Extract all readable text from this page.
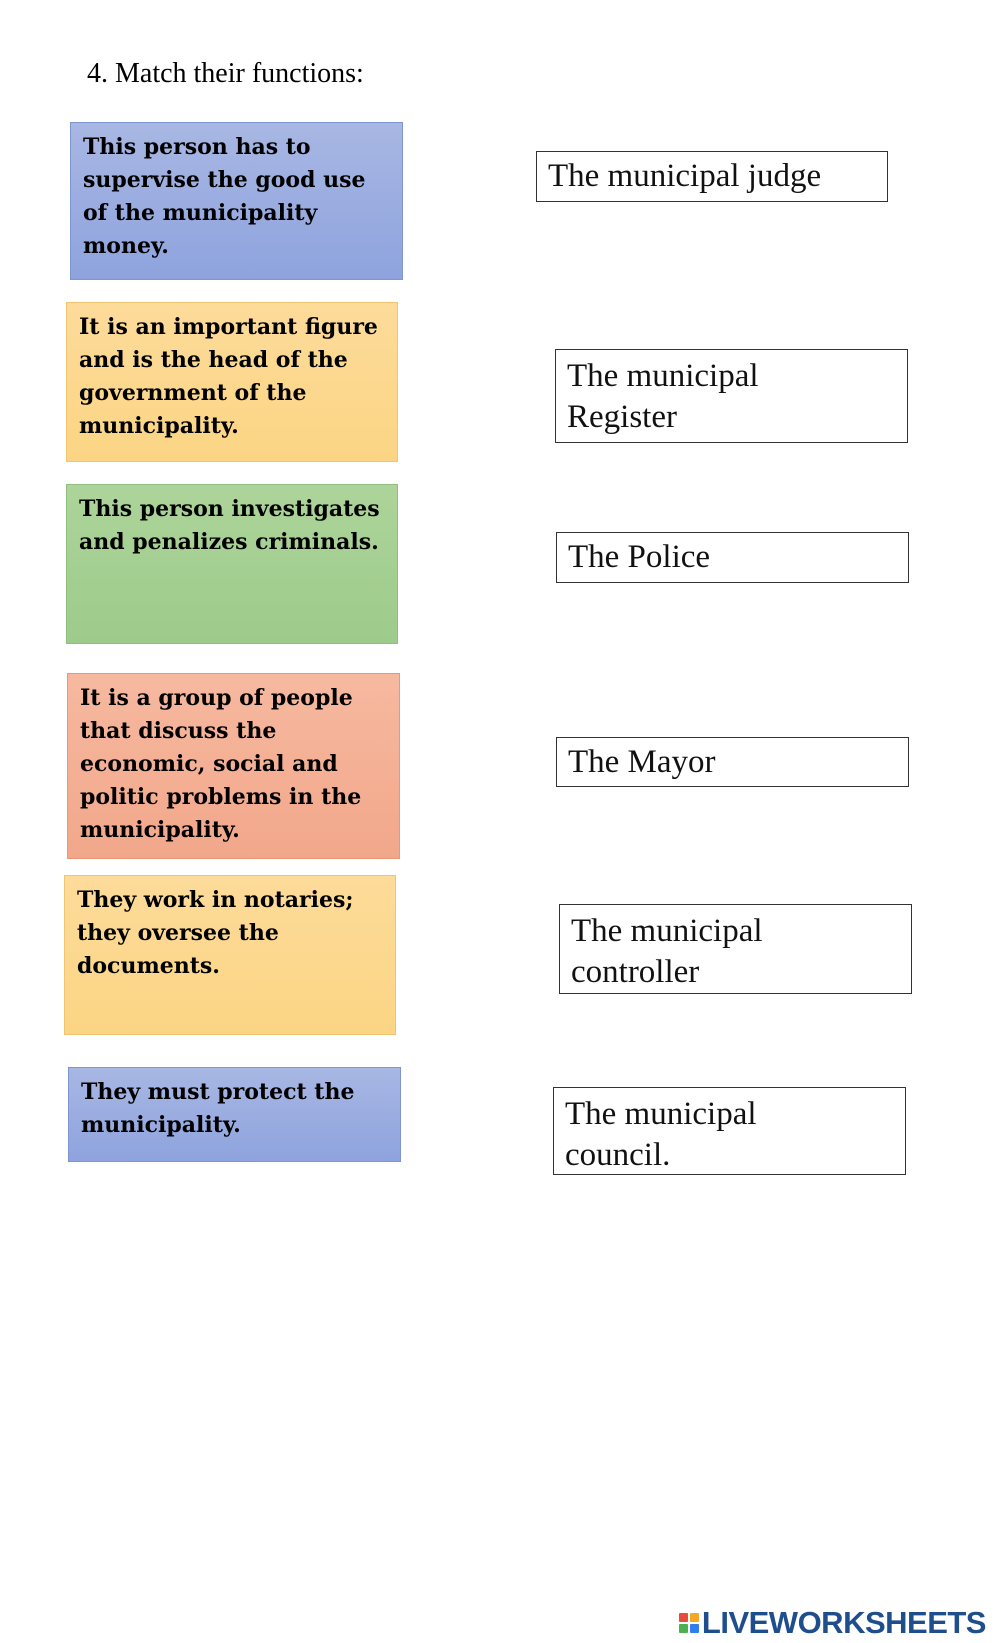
4. Match their functions:
This person has to supervise the good use of the municipality money.
It is an important figure and is the head of the government of the municipality.
This person investigates and penalizes criminals.
It is a group of people that discuss the economic, social and politic problems in the municipality.
They work in notaries; they oversee the documents.
They must protect the municipality.
The municipal judge
The municipal Register
The Police
The Mayor
The municipal controller
The municipal council.
LIVEWORKSHEETS
